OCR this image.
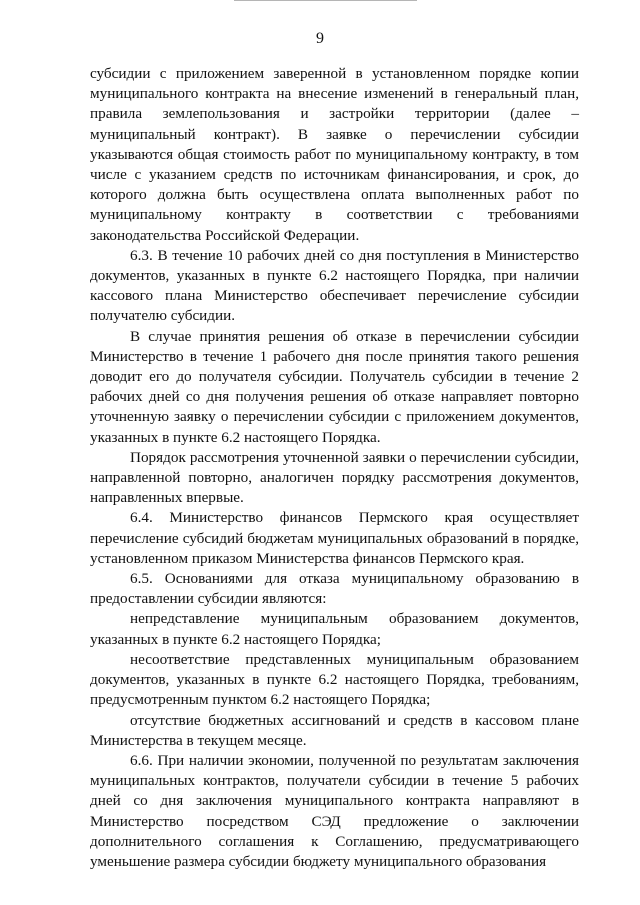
9

субсидии с приложением заверенной в установленном порядке копии муниципального контракта на внесение изменений в генеральный план, правила землепользования и застройки территории (далее – муниципальный контракт). В заявке о перечислении субсидии указываются общая стоимость работ по муниципальному контракту, в том числе с указанием средств по источникам финансирования, и срок, до которого должна быть осуществлена оплата выполненных работ по муниципальному контракту в соответствии с требованиями законодательства Российской Федерации.

6.3. В течение 10 рабочих дней со дня поступления в Министерство документов, указанных в пункте 6.2 настоящего Порядка, при наличии кассового плана Министерство обеспечивает перечисление субсидии получателю субсидии.

В случае принятия решения об отказе в перечислении субсидии Министерство в течение 1 рабочего дня после принятия такого решения доводит его до получателя субсидии. Получатель субсидии в течение 2 рабочих дней со дня получения решения об отказе направляет повторно уточненную заявку о перечислении субсидии с приложением документов, указанных в пункте 6.2 настоящего Порядка.

Порядок рассмотрения уточненной заявки о перечислении субсидии, направленной повторно, аналогичен порядку рассмотрения документов, направленных впервые.

6.4. Министерство финансов Пермского края осуществляет перечисление субсидий бюджетам муниципальных образований в порядке, установленном приказом Министерства финансов Пермского края.

6.5. Основаниями для отказа муниципальному образованию в предоставлении субсидии являются:

непредставление муниципальным образованием документов, указанных в пункте 6.2 настоящего Порядка;

несоответствие представленных муниципальным образованием документов, указанных в пункте 6.2 настоящего Порядка, требованиям, предусмотренным пунктом 6.2 настоящего Порядка;

отсутствие бюджетных ассигнований и средств в кассовом плане Министерства в текущем месяце.

6.6. При наличии экономии, полученной по результатам заключения муниципальных контрактов, получатели субсидии в течение 5 рабочих дней со дня заключения муниципального контракта направляют в Министерство посредством СЭД предложение о заключении дополнительного соглашения к Соглашению, предусматривающего уменьшение размера субсидии бюджету муниципального образования
